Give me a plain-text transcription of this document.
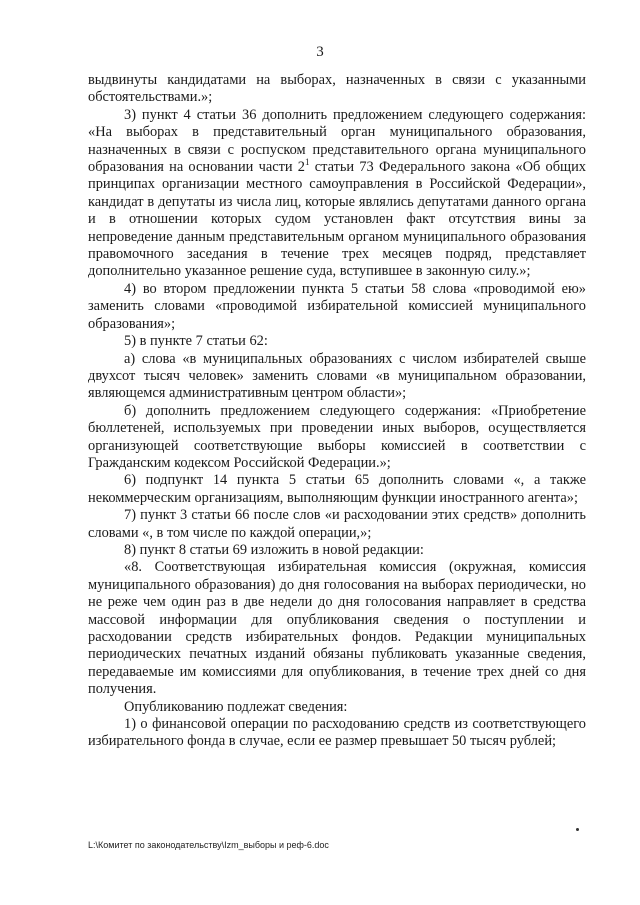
3

выдвинуты кандидатами на выборах, назначенных в связи с указанными обстоятельствами.»;

3) пункт 4 статьи 36 дополнить предложением следующего содержания: «На выборах в представительный орган муниципального образования, назначенных в связи с роспуском представительного органа муниципального образования на основании части $2^1$ статьи 73 Федерального закона «Об общих принципах организации местного самоуправления в Российской Федерации», кандидат в депутаты из числа лиц, которые являлись депутатами данного органа и в отношении которых судом установлен факт отсутствия вины за непроведение данным представительным органом муниципального образования правомочного заседания в течение трех месяцев подряд, представляет дополнительно указанное решение суда, вступившее в законную силу.»;

4) во втором предложении пункта 5 статьи 58 слова «проводимой ею» заменить словами «проводимой избирательной комиссией муниципального образования»;

5) в пункте 7 статьи 62:

а) слова «в муниципальных образованиях с числом избирателей свыше двухсот тысяч человек» заменить словами «в муниципальном образовании, являющемся административным центром области»;

б) дополнить предложением следующего содержания: «Приобретение бюллетеней, используемых при проведении иных выборов, осуществляется организующей соответствующие выборы комиссией в соответствии с Гражданским кодексом Российской Федерации.»;

6) подпункт 14 пункта 5 статьи 65 дополнить словами «, а также некоммерческим организациям, выполняющим функции иностранного агента»;

7) пункт 3 статьи 66 после слов «и расходовании этих средств» дополнить словами «, в том числе по каждой операции,»;

8) пункт 8 статьи 69 изложить в новой редакции:

«8. Соответствующая избирательная комиссия (окружная, комиссия муниципального образования) до дня голосования на выборах периодически, но не реже чем один раз в две недели до дня голосования направляет в средства массовой информации для опубликования сведения о поступлении и расходовании средств избирательных фондов. Редакции муниципальных периодических печатных изданий обязаны публиковать указанные сведения, передаваемые им комиссиями для опубликования, в течение трех дней со дня получения.

Опубликованию подлежат сведения:

1) о финансовой операции по расходованию средств из соответствующего избирательного фонда в случае, если ее размер превышает 50 тысяч рублей;

L:\Комитет по законодательству\Izm_выборы и реф-6.doc
